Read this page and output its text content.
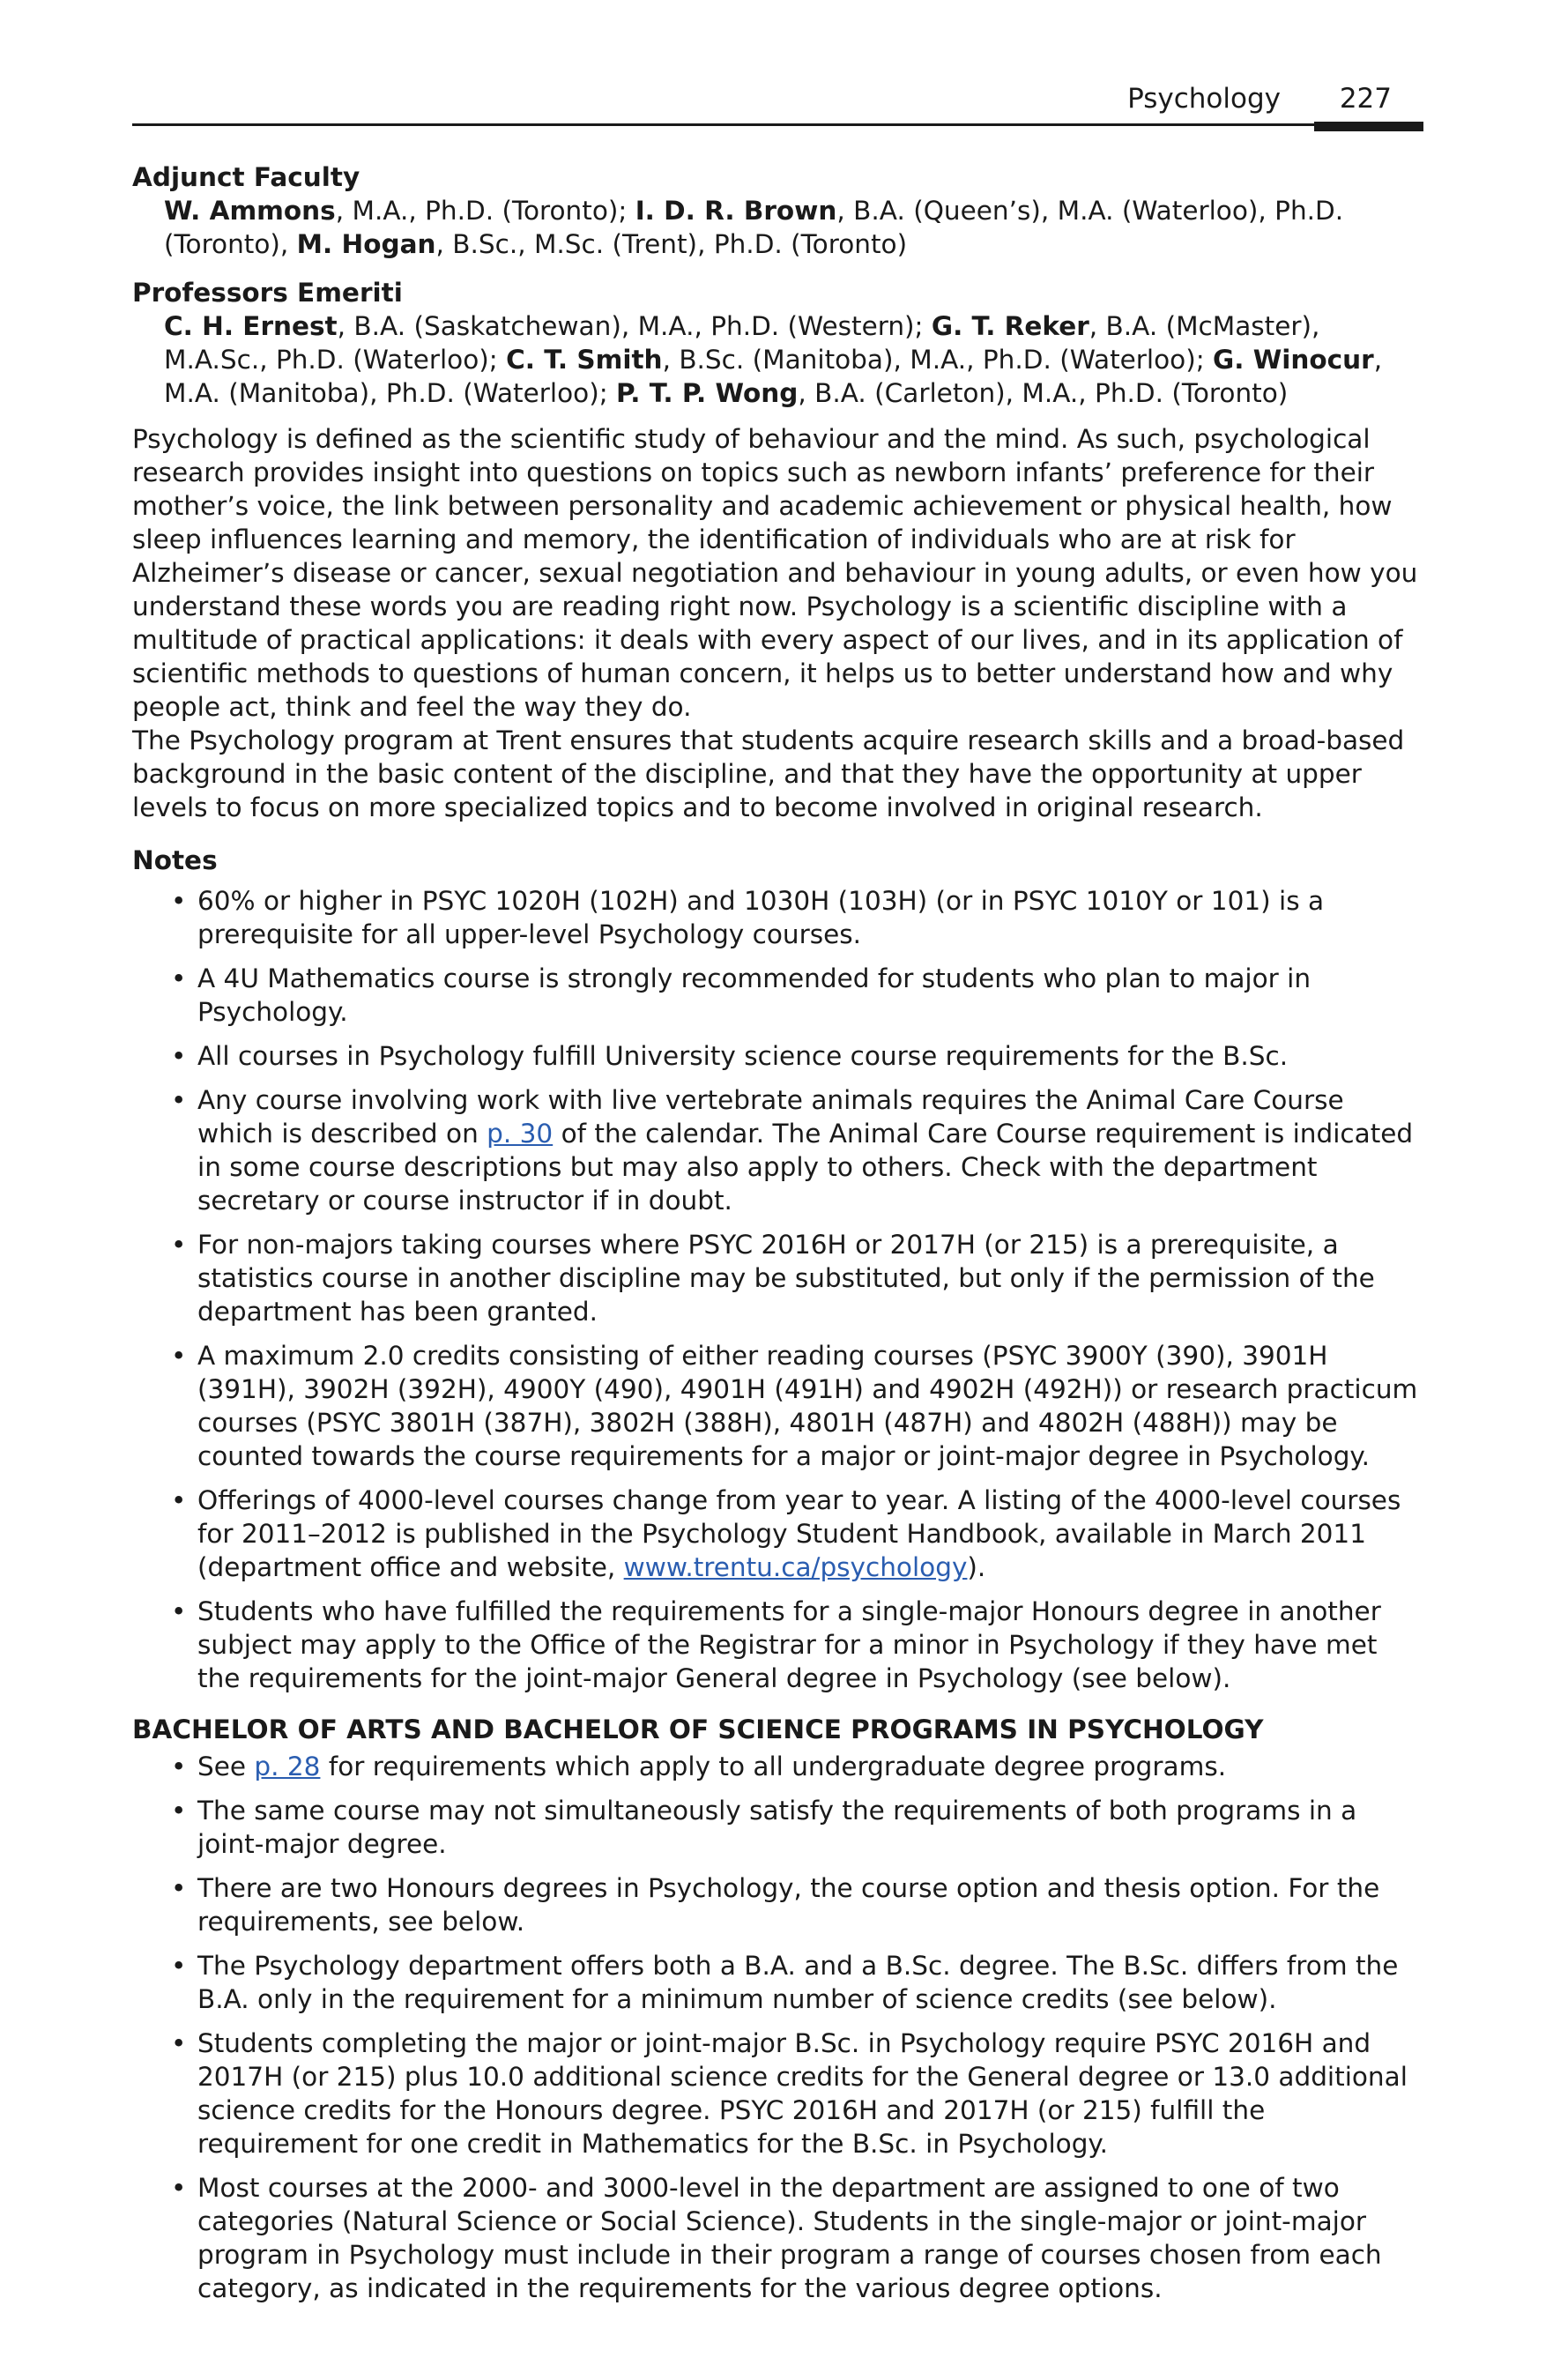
Psychology 227
Adjunct Faculty

W. Ammons, M.A., Ph.D. (Toronto); I. D. R. Brown, B.A. (Queen’s), M.A. (Waterloo), Ph.D. (Toronto), M. Hogan, B.Sc., M.Sc. (Trent), Ph.D. (Toronto)

Professors Emeriti

C. H. Ernest, B.A. (Saskatchewan), M.A., Ph.D. (Western); G. T. Reker, B.A. (McMaster), M.A.Sc., Ph.D. (Waterloo); C. T. Smith, B.Sc. (Manitoba), M.A., Ph.D. (Waterloo); G. Winocur, M.A. (Manitoba), Ph.D. (Waterloo); P. T. P. Wong, B.A. (Carleton), M.A., Ph.D. (Toronto)

Psychology is defined as the scientific study of behaviour and the mind. As such, psychological research provides insight into questions on topics such as newborn infants’ preference for their mother’s voice, the link between personality and academic achievement or physical health, how sleep influences learning and memory, the identification of individuals who are at risk for Alzheimer’s disease or cancer, sexual negotiation and behaviour in young adults, or even how you understand these words you are reading right now. Psychology is a scientific discipline with a multitude of practical applications: it deals with every aspect of our lives, and in its application of scientific methods to questions of human concern, it helps us to better understand how and why people act, think and feel the way they do.

The Psychology program at Trent ensures that students acquire research skills and a broad-based background in the basic content of the discipline, and that they have the opportunity at upper levels to focus on more specialized topics and to become involved in original research.

Notes
• 60% or higher in PSYC 1020H (102H) and 1030H (103H) (or in PSYC 1010Y or 101) is a prerequisite for all upper-level Psychology courses.
• A 4U Mathematics course is strongly recommended for students who plan to major in Psychology.
• All courses in Psychology fulfill University science course requirements for the B.Sc.
• Any course involving work with live vertebrate animals requires the Animal Care Course which is described on p. 30 of the calendar. The Animal Care Course requirement is indicated in some course descriptions but may also apply to others. Check with the department secretary or course instructor if in doubt.
• For non-majors taking courses where PSYC 2016H or 2017H (or 215) is a prerequisite, a statistics course in another discipline may be substituted, but only if the permission of the department has been granted.
• A maximum 2.0 credits consisting of either reading courses (PSYC 3900Y (390), 3901H (391H), 3902H (392H), 4900Y (490), 4901H (491H) and 4902H (492H)) or research practicum courses (PSYC 3801H (387H), 3802H (388H), 4801H (487H) and 4802H (488H)) may be counted towards the course requirements for a major or joint-major degree in Psychology.
• Offerings of 4000-level courses change from year to year. A listing of the 4000-level courses for 2011–2012 is published in the Psychology Student Handbook, available in March 2011 (department office and website, www.trentu.ca/psychology).
• Students who have fulfilled the requirements for a single-major Honours degree in another subject may apply to the Office of the Registrar for a minor in Psychology if they have met the requirements for the joint-major General degree in Psychology (see below).
BACHELOR OF ARTS AND BACHELOR OF SCIENCE PROGRAMS IN PSYCHOLOGY
• See p. 28 for requirements which apply to all undergraduate degree programs.
• The same course may not simultaneously satisfy the requirements of both programs in a joint-major degree.
• There are two Honours degrees in Psychology, the course option and thesis option. For the requirements, see below.
• The Psychology department offers both a B.A. and a B.Sc. degree. The B.Sc. differs from the B.A. only in the requirement for a minimum number of science credits (see below).
• Students completing the major or joint-major B.Sc. in Psychology require PSYC 2016H and 2017H (or 215) plus 10.0 additional science credits for the General degree or 13.0 additional science credits for the Honours degree. PSYC 2016H and 2017H (or 215) fulfill the requirement for one credit in Mathematics for the B.Sc. in Psychology.
• Most courses at the 2000- and 3000-level in the department are assigned to one of two categories (Natural Science or Social Science). Students in the single-major or joint-major program in Psychology must include in their program a range of courses chosen from each category, as indicated in the requirements for the various degree options.
